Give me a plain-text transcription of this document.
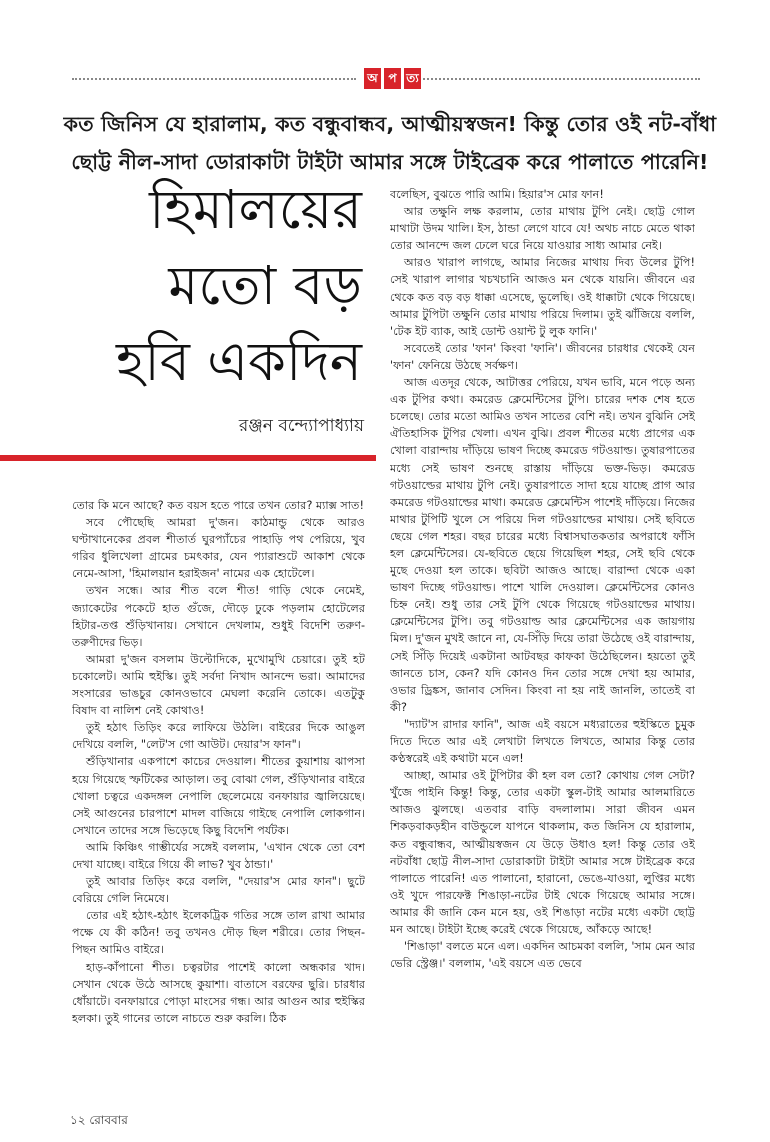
অ প ত্য
কত জিনিস যে হারালাম, কত বন্ধুবান্ধব, আত্মীয়স্বজন! কিন্তু তোর ওই নট-বাঁধা
ছোট্ট নীল-সাদা ডোরাকাটা টাইটা আমার সঙ্গে টাইব্রেক করে পালাতে পারেনি!
হিমালয়ের
মতো বড়
হবি একদিন
রঞ্জন বন্দ্যোপাধ্যায়

তোর কি মনে আছে? কত বয়স হতে পারে তখন তোর? ম্যাক্স সাত!

সবে পৌছেছি আমরা দু'জন। কাঠমান্ডু থেকে আরও ঘণ্টাখানেকের প্রবল শীতার্ত ঘুরপ্যাঁচের পাহাড়ি পথ পেরিয়ে, খুব গরিব ধুলিখেলা গ্রামের চমৎকার, যেন প্যারাশুটে আকাশ থেকে নেমে-আসা, 'হিমালয়ান হরাইজন' নামের এক হোটেলে।

তখন সন্ধে। আর শীত বলে শীত! গাড়ি থেকে নেমেই, জ্যাকেটের পকেটে হাত গুঁজে, দৌড়ে ঢুকে পড়লাম হোটেলের হিটার-তপ্ত শুঁড়িখানায়। সেখানে দেখলাম, শুধুই বিদেশি তরুণ-তরুণীদের ভিড়।

আমরা দু'জন বসলাম উল্টোদিকে, মুখোমুখি চেয়ারে। তুই হট চকোলেট। আমি হুইস্কি। তুই সর্বদা নিখাদ আনন্দে ভরা। আমাদের সংসারের ভাঙচুর কোনওভাবে মেঘলা করেনি তোকে। এতটুকু বিষাদ বা নালিশ নেই কোথাও!

তুই হঠাৎ তিড়িং করে লাফিয়ে উঠলি। বাইরের দিকে আঙুল দেখিয়ে বললি, "লেট'স গো আউট। দেয়ার'স ফান"।

শুঁড়িখানার একপাশে কাচের দেওয়াল। শীতের কুয়াশায় ঝাপসা হয়ে গিয়েছে স্ফটিকের আড়াল। তবু বোঝা গেল, শুঁড়িখানার বাইরে খোলা চত্বরে একদঙ্গল নেপালি ছেলেমেয়ে বনফায়ার জ্বালিয়েছে। সেই আগুনের চারপাশে মাদল বাজিয়ে গাইছে নেপালি লোকগান। সেখানে তাদের সঙ্গে ভিড়েছে কিছু বিদেশি পর্যটক।

আমি কিঞ্চিৎ গাম্ভীর্যের সঙ্গেই বললাম, 'এখান থেকে তো বেশ দেখা যাচ্ছে। বাইরে গিয়ে কী লাভ? খুব ঠান্ডা।'

তুই আবার তিড়িং করে বললি, "দেয়ার'স মোর ফান"। ছুটে বেরিয়ে গেলি নিমেষে।

তোর এই হঠাৎ-হঠাৎ ইলেকট্রিক গতির সঙ্গে তাল রাখা আমার পক্ষে যে কী কঠিন! তবু তখনও দৌড় ছিল শরীরে। তোর পিছন-পিছন আমিও বাইরে।

হাড়-কাঁপানো শীত। চত্বরটার পাশেই কালো অন্ধকার খাদ। সেখান থেকে উঠে আসছে কুয়াশা। বাতাসে বরফের ছুরি। চারধার ধোঁয়াটে। বনফায়ারে পোড়া মাংসের গন্ধ। আর আগুন আর হুইস্কির হলকা। তুই গানের তালে নাচতে শুরু করলি। ঠিক

বলেছিস, বুঝতে পারি আমি। হিয়ার'স মোর ফান!

আর তক্ষুনি লক্ষ করলাম, তোর মাথায় টুপি নেই। ছোট্ট গোল মাথাটা উদম খালি। ইস, ঠান্ডা লেগে যাবে যে! অথচ নাচে মেতে থাকা তোর আনন্দে জল ঢেলে ঘরে নিয়ে যাওয়ার সাধ্য আমার নেই।

আরও খারাপ লাগছে, আমার নিজের মাথায় দিব্য উলের টুপি! সেই খারাপ লাগার খচখচানি আজও মন থেকে যায়নি। জীবনে এর থেকে কত বড় বড় ধাক্কা এসেছে, ভুলেছি। ওই ধাক্কাটা থেকে গিয়েছে। আমার টুপিটা তক্ষুনি তোর মাথায় পরিয়ে দিলাম। তুই ঝাঁজিয়ে বললি, 'টেক ইট ব্যাক, আই ডোন্ট ওয়ান্ট টু লুক ফানি।'

সবেতেই তোর 'ফান' কিংবা 'ফানি'। জীবনের চারধার থেকেই যেন 'ফান' ফেনিয়ে উঠছে সর্বক্ষণ।

আজ এতদূর থেকে, আটাত্তর পেরিয়ে, যখন ভাবি, মনে পড়ে অন্য এক টুপির কথা। কমরেড ক্লেমেন্টিসের টুপি। চারের দশক শেষ হতে চলেছে। তোর মতো আমিও তখন সাতের বেশি নই। তখন বুঝিনি সেই ঐতিহাসিক টুপির খেলা। এখন বুঝি। প্রবল শীতের মধ্যে প্রাগের এক খোলা বারান্দায় দাঁড়িয়ে ভাষণ দিচ্ছে কমরেড গটওয়াল্ড। তুষারপাতের মধ্যে সেই ভাষণ শুনছে রাস্তায় দাঁড়িয়ে ভক্ত-ভিড়। কমরেড গটওয়াল্ডের মাথায় টুপি নেই। তুষারপাতে সাদা হয়ে যাচ্ছে প্রাগ আর কমরেড গটওয়াল্ডের মাথা। কমরেড ক্লেমেন্টিস পাশেই দাঁড়িয়ে। নিজের মাথার টুপিটি খুলে সে পরিয়ে দিল গটওয়াল্ডের মাথায়। সেই ছবিতে ছেয়ে গেল শহর। বছর চারের মধ্যে বিশ্বাসঘাতকতার অপরাধে ফাঁসি হল ক্লেমেন্টিসের। যে-ছবিতে ছেয়ে গিয়েছিল শহর, সেই ছবি থেকে মুছে দেওয়া হল তাকে। ছবিটা আজও আছে। বারান্দা থেকে একা ভাষণ দিচ্ছে গটওয়াল্ড। পাশে খালি দেওয়াল। ক্লেমেন্টিসের কোনও চিহ্ন নেই। শুধু তার সেই টুপি থেকে গিয়েছে গটওয়াল্ডের মাথায়। ক্লেমেন্টিসের টুপি। তবু গটওয়াল্ড আর ক্লেমেন্টিসের এক জায়গায় মিল। দু'জন মুখই জানে না, যে-সিঁড়ি দিয়ে তারা উঠেছে ওই বারান্দায়, সেই সিঁড়ি দিয়েই একটানা আটবছর কাফকা উঠেছিলেন। হয়তো তুই জানতে চাস, কেন? যদি কোনও দিন তোর সঙ্গে দেখা হয় আমার, ওভার ড্রিঙ্কস, জানাব সেদিন। কিংবা না হয় নাই জানলি, তাতেই বা কী?

"দ্যাট'স রাদার ফানি", আজ এই বয়সে মধ্যরাতের হুইস্কিতে চুমুক দিতে দিতে আর এই লেখাটা লিখতে লিখতে, আমার কিন্তু তোর কণ্ঠস্বরেই এই কথাটা মনে এল!

আচ্ছা, আমার ওই টুপিটার কী হল বল তো? কোথায় গেল সেটা? খুঁজে পাইনি কিন্তু! কিন্তু, তোর একটা স্কুল-টাই আমার আলমারিতে আজও ঝুলছে। এতবার বাড়ি বদলালাম। সারা জীবন এমন শিকড়বাকড়হীন বাউন্ডুলে যাপনে থাকলাম, কত জিনিস যে হারালাম, কত বন্ধুবান্ধব, আত্মীয়স্বজন যে উড়ে উধাও হল! কিন্তু তোর ওই নটবাঁধা ছোট্ট নীল-সাদা ডোরাকাটা টাইটা আমার সঙ্গে টাইব্রেক করে পালাতে পারেনি! এত পালানো, হারানো, ভেঙে-যাওয়া, লুপ্তির মধ্যে ওই খুদে পারফেক্ট শিঙাড়া-নটের টাই থেকে গিয়েছে আমার সঙ্গে। আমার কী জানি কেন মনে হয়, ওই শিঙাড়া নটের মধ্যে একটা ছোট্ট মন আছে। টাইটা ইচ্ছে করেই থেকে গিয়েছে, আঁকড়ে আছে!

'শিঙাড়া' বলতে মনে এল। একদিন আচমকা বললি, 'সাম মেন আর ভেরি স্ট্রেঞ্জ।' বললাম, 'এই বয়সে এত ভেবে

১২ রোববার
